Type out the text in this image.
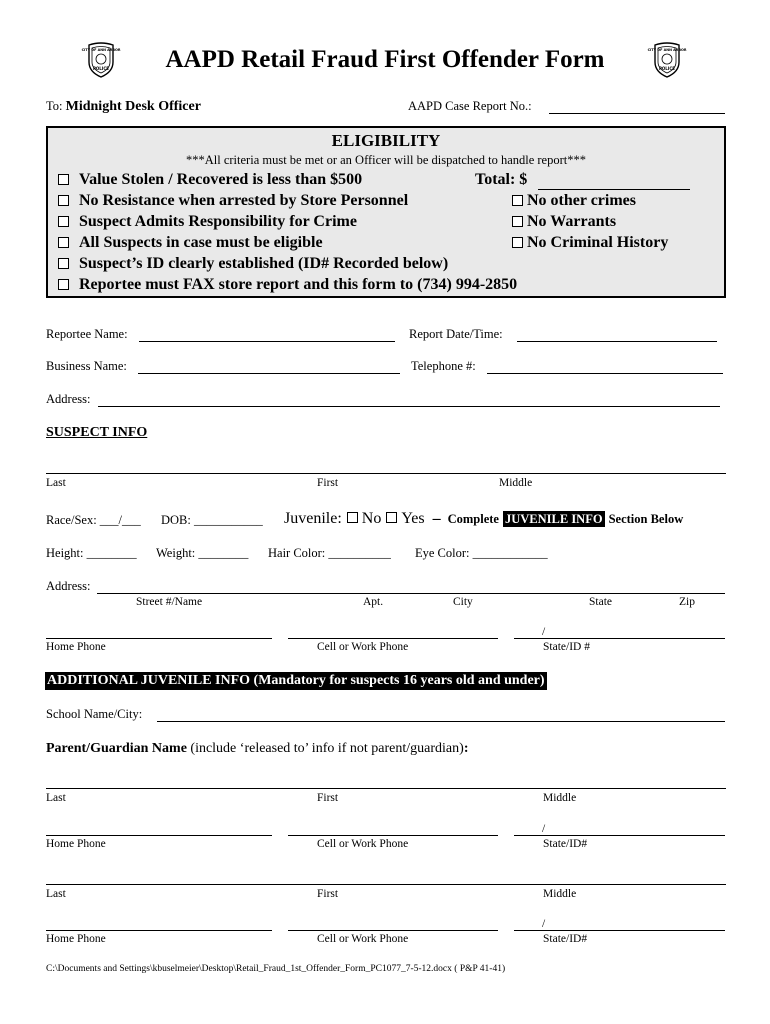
CITY OF ANN ARBOR
POLICE
CITY OF ANN ARBOR
POLICE
AAPD Retail Fraud First Offender Form
To: Midnight Desk Officer	AAPD Case Report No.:
ELIGIBILITY
***All criteria must be met or an Officer will be dispatched to handle report***
Value Stolen / Recovered is less than $500
No Resistance when arrested by Store Personnel
Suspect Admits Responsibility for Crime
All Suspects in case must be eligible
Suspect’s ID clearly established (ID# Recorded below)
Reportee must FAX store report and this form to (734) 994-2850
Total: $
No other crimes
No Warrants
No Criminal History
Reportee Name:	Report Date/Time:
Business Name:	Telephone #:
Address:
SUSPECT INFO
Last	First	Middle
Race/Sex: ___/___ DOB: ___________ Juvenile: No Yes – Complete JUVENILE INFO Section Below
Height: ________ Weight: ________ Hair Color: __________ Eye Color: ____________
Address:
Street #/Name	Apt.	City	State	Zip
/
Home Phone	Cell or Work Phone	State/ID #
ADDITIONAL JUVENILE INFO (Mandatory for suspects 16 years old and under)
School Name/City:
Parent/Guardian Name (include ‘released to’ info if not parent/guardian):
Last	First	Middle
/
Home Phone	Cell or Work Phone	State/ID#
Last	First	Middle
/
Home Phone	Cell or Work Phone	State/ID#
C:\Documents and Settings\kbuselmeier\Desktop\Retail_Fraud_1st_Offender_Form_PC1077_7-5-12.docx ( P&P 41-41)
